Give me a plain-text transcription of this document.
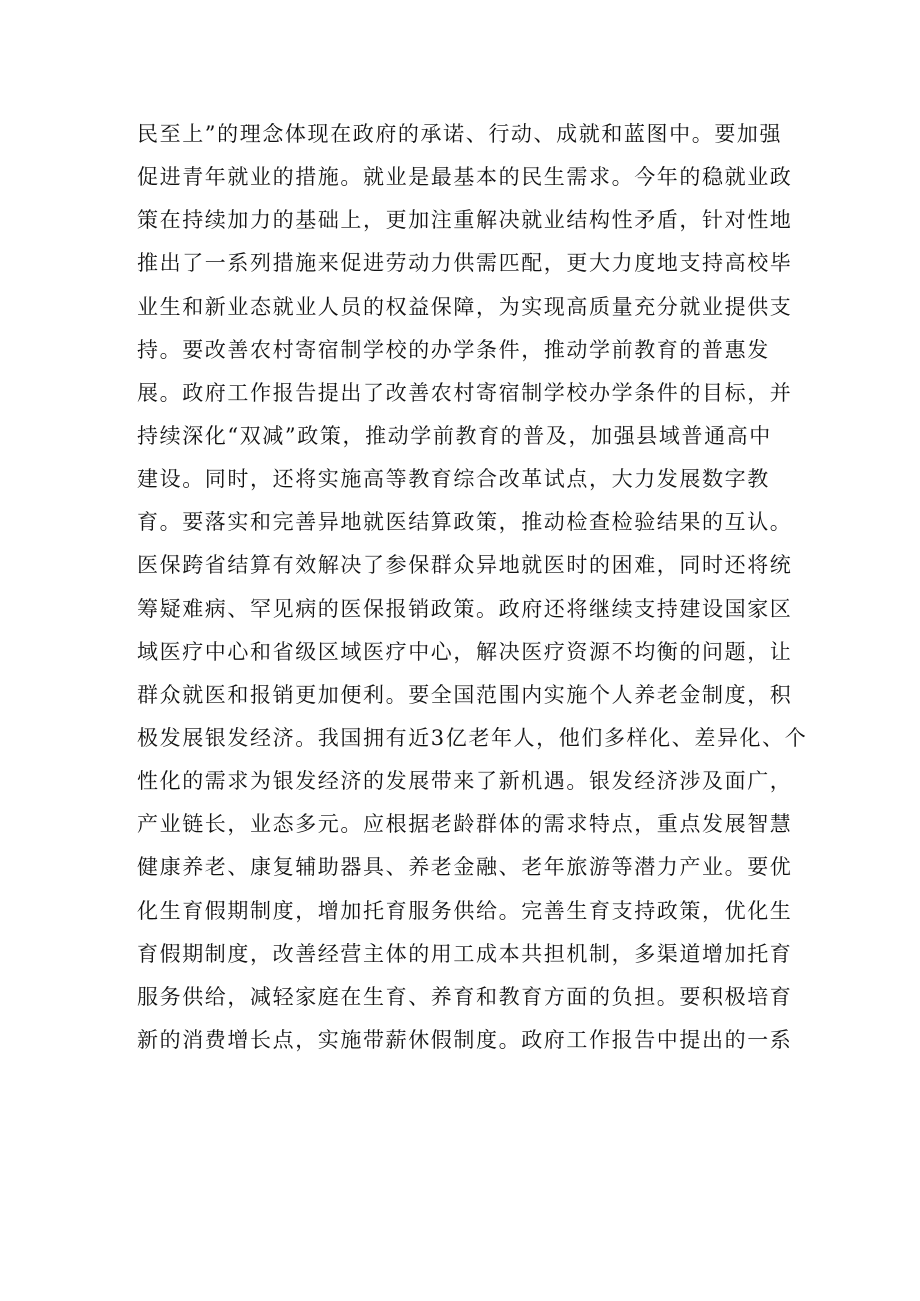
民至上”的理念体现在政府的承诺、行动、成就和蓝图中。要加强
促进青年就业的措施。就业是最基本的民生需求。今年的稳就业政
策在持续加力的基础上，更加注重解决就业结构性矛盾，针对性地
推出了一系列措施来促进劳动力供需匹配，更大力度地支持高校毕
业生和新业态就业人员的权益保障，为实现高质量充分就业提供支
持。要改善农村寄宿制学校的办学条件，推动学前教育的普惠发
展。政府工作报告提出了改善农村寄宿制学校办学条件的目标，并
持续深化“双减”政策，推动学前教育的普及，加强县域普通高中
建设。同时，还将实施高等教育综合改革试点，大力发展数字教
育。要落实和完善异地就医结算政策，推动检查检验结果的互认。
医保跨省结算有效解决了参保群众异地就医时的困难，同时还将统
筹疑难病、罕见病的医保报销政策。政府还将继续支持建设国家区
域医疗中心和省级区域医疗中心，解决医疗资源不均衡的问题，让
群众就医和报销更加便利。要全国范围内实施个人养老金制度，积
极发展银发经济。我国拥有近3亿老年人，他们多样化、差异化、个
性化的需求为银发经济的发展带来了新机遇。银发经济涉及面广，
产业链长，业态多元。应根据老龄群体的需求特点，重点发展智慧
健康养老、康复辅助器具、养老金融、老年旅游等潜力产业。要优
化生育假期制度，增加托育服务供给。完善生育支持政策，优化生
育假期制度，改善经营主体的用工成本共担机制，多渠道增加托育
服务供给，减轻家庭在生育、养育和教育方面的负担。要积极培育
新的消费增长点，实施带薪休假制度。政府工作报告中提出的一系
